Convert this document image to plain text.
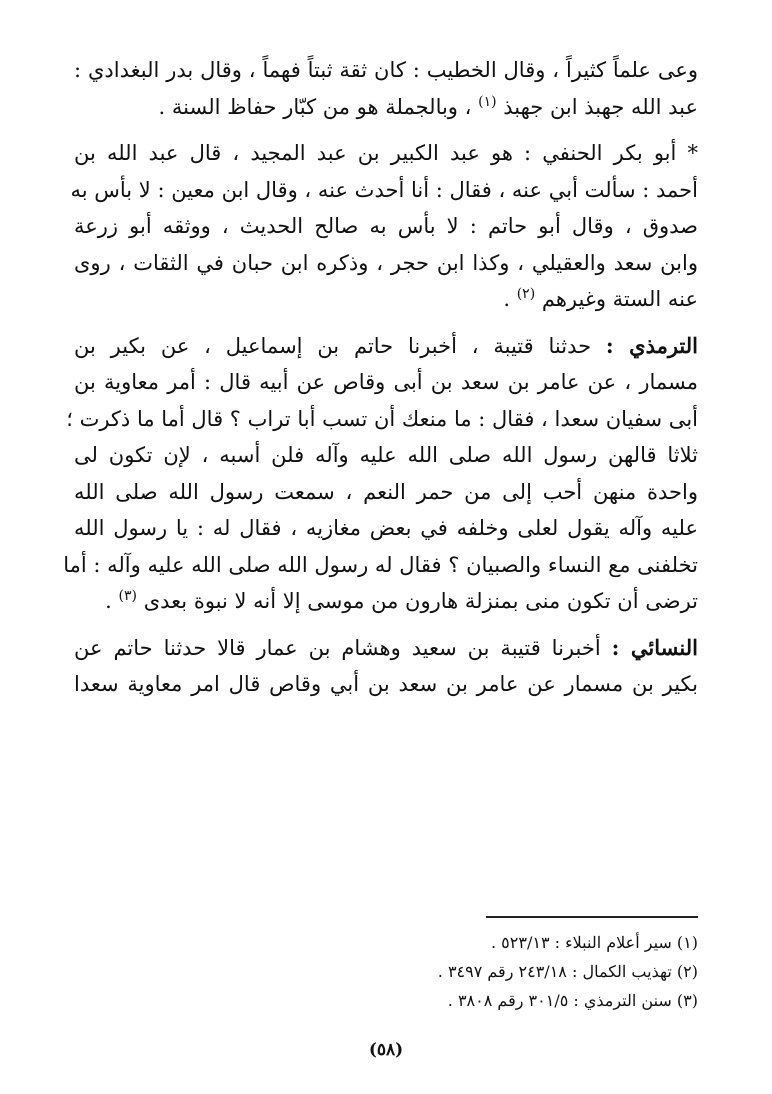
وعى علماً كثيراً ، وقال الخطيب : كان ثقة ثبتاً فهماً ، وقال بدر البغدادي :
عبد الله جهبذ ابن جهبذ $^{(١)}$ ، وبالجملة هو من كبّار حفاظ السنة .

* أبو بكر الحنفي : هو عبد الكبير بن عبد المجيد ، قال عبد الله بن
أحمد : سألت أبي عنه ، فقال : أنا أحدث عنه ، وقال ابن معين : لا بأس به
صدوق ، وقال أبو حاتم : لا بأس به صالح الحديث ، ووثقه أبو زرعة
وابن سعد والعقيلي ، وكذا ابن حجر ، وذكره ابن حبان في الثقات ، روى
عنه الستة وغيرهم $^{(٢)}$ .

الترمذي : حدثنا قتيبة ، أخبرنا حاتم بن إسماعيل ، عن بكير بن
مسمار ، عن عامر بن سعد بن أبى وقاص عن أبيه قال : أمر معاوية بن
أبى سفيان سعدا ، فقال : ما منعك أن تسب أبا تراب ؟ قال أما ما ذكرت ؛
ثلاثا قالهن رسول الله صلى الله عليه وآله فلن أسبه ، لإن تكون لى
واحدة منهن أحب إلى من حمر النعم ، سمعت رسول الله صلى الله
عليه وآله يقول لعلى وخلفه في بعض مغازيه ، فقال له : يا رسول الله
تخلفنى مع النساء والصبيان ؟ فقال له رسول الله صلى الله عليه وآله : أما
ترضى أن تكون منى بمنزلة هارون من موسى إلا أنه لا نبوة بعدى $^{(٣)}$ .

النسائي : أخبرنا قتيبة بن سعيد وهشام بن عمار قالا حدثنا حاتم عن
بكير بن مسمار عن عامر بن سعد بن أبي وقاص قال امر معاوية سعدا

(١) سير أعلام النبلاء : ٥٢٣/١٣ .
(٢) تهذيب الكمال : ٢٤٣/١٨ رقم ٣٤٩٧ .
(٣) سنن الترمذي : ٣٠١/٥ رقم ٣٨٠٨ .
(٥٨)
